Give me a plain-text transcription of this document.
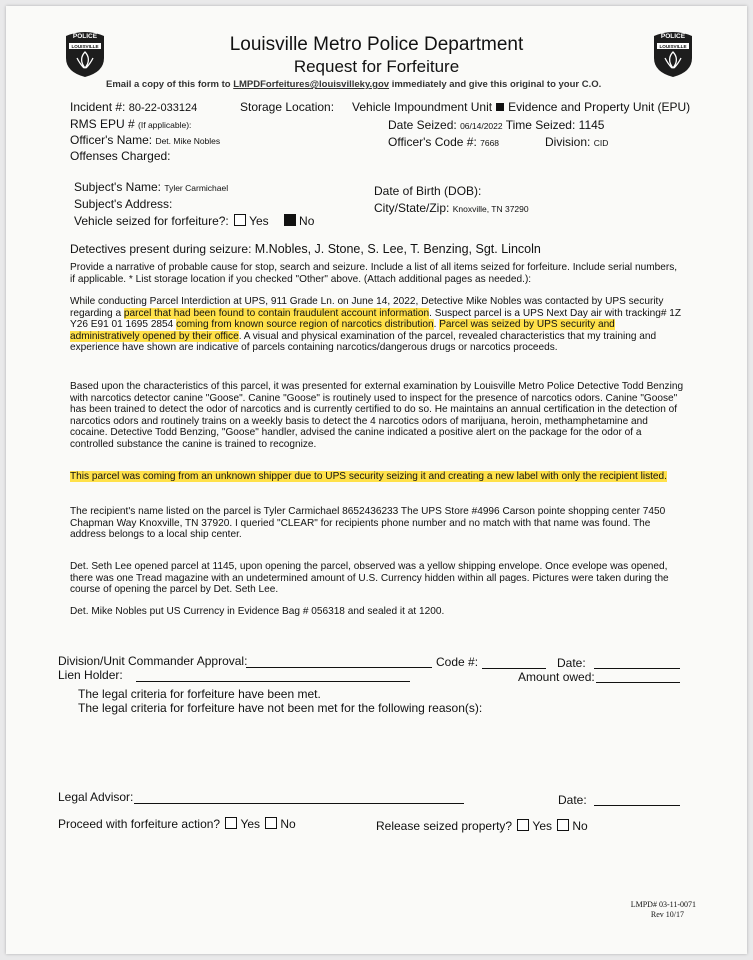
POLICE
LOUISVILLE
POLICE
LOUISVILLE
Louisville Metro Police Department
Request for Forfeiture
Email a copy of this form to LMPDForfeitures@louisvilleky.gov immediately and give this original to your C.O.
Incident #: 80-22-033124	Storage Location: Vehicle Impoundment Unit Evidence and Property Unit (EPU)
RMS EPU # (If applicable):	Date Seized: 06/14/2022 Time Seized: 1145
Officer's Name: Det. Mike Nobles	Officer's Code #: 7668	Division: CID
Offenses Charged:
Subject's Name: Tyler Carmichael	Date of Birth (DOB):
Subject's Address:	City/State/Zip: Knoxville, TN 37290
Vehicle seized for forfeiture?: Yes	No
Detectives present during seizure: M.Nobles, J. Stone, S. Lee, T. Benzing, Sgt. Lincoln
Provide a narrative of probable cause for stop, search and seizure. Include a list of all items seized for forfeiture. Include serial numbers, if applicable. * List storage location if you checked "Other" above. (Attach additional pages as needed.):
While conducting Parcel Interdiction at UPS, 911 Grade Ln. on June 14, 2022, Detective Mike Nobles was contacted by UPS security regarding a parcel that had been found to contain fraudulent account information. Suspect parcel is a UPS Next Day air with tracking# 1Z Y26 E91 01 1695 2854 coming from known source region of narcotics distribution. Parcel was seized by UPS security and administratively opened by their office. A visual and physical examination of the parcel, revealed characteristics that my training and experience have shown are indicative of parcels containing narcotics/dangerous drugs or narcotics proceeds.
Based upon the characteristics of this parcel, it was presented for external examination by Louisville Metro Police Detective Todd Benzing with narcotics detector canine "Goose". Canine "Goose" is routinely used to inspect for the presence of narcotics odors. Canine "Goose" has been trained to detect the odor of narcotics and is currently certified to do so. He maintains an annual certification in the detection of narcotics odors and routinely trains on a weekly basis to detect the 4 narcotics odors of marijuana, heroin, methamphetamine and cocaine. Detective Todd Benzing, "Goose" handler, advised the canine indicated a positive alert on the package for the odor of a controlled substance the canine is trained to recognize.
This parcel was coming from an unknown shipper due to UPS security seizing it and creating a new label with only the recipient listed.
The recipient's name listed on the parcel is Tyler Carmichael 8652436233 The UPS Store #4996 Carson pointe shopping center 7450 Chapman Way Knoxville, TN 37920. I queried "CLEAR" for recipients phone number and no match with that name was found. The address belongs to a local ship center.
Det. Seth Lee opened parcel at 1145, upon opening the parcel, observed was a yellow shipping envelope. Once evelope was opened, there was one Tread magazine with an undetermined amount of U.S. Currency hidden within all pages. Pictures were taken during the course of opening the parcel by Det. Seth Lee.
Det. Mike Nobles put US Currency in Evidence Bag # 056318 and sealed it at 1200.
Division/Unit Commander Approval:	Code #:	Date:
Lien Holder:	Amount owed:
The legal criteria for forfeiture have been met.
The legal criteria for forfeiture have not been met for the following reason(s):
Legal Advisor:	Date:
Proceed with forfeiture action? Yes No	Release seized property? Yes No
LMPD# 03-11-0071
Rev 10/17
